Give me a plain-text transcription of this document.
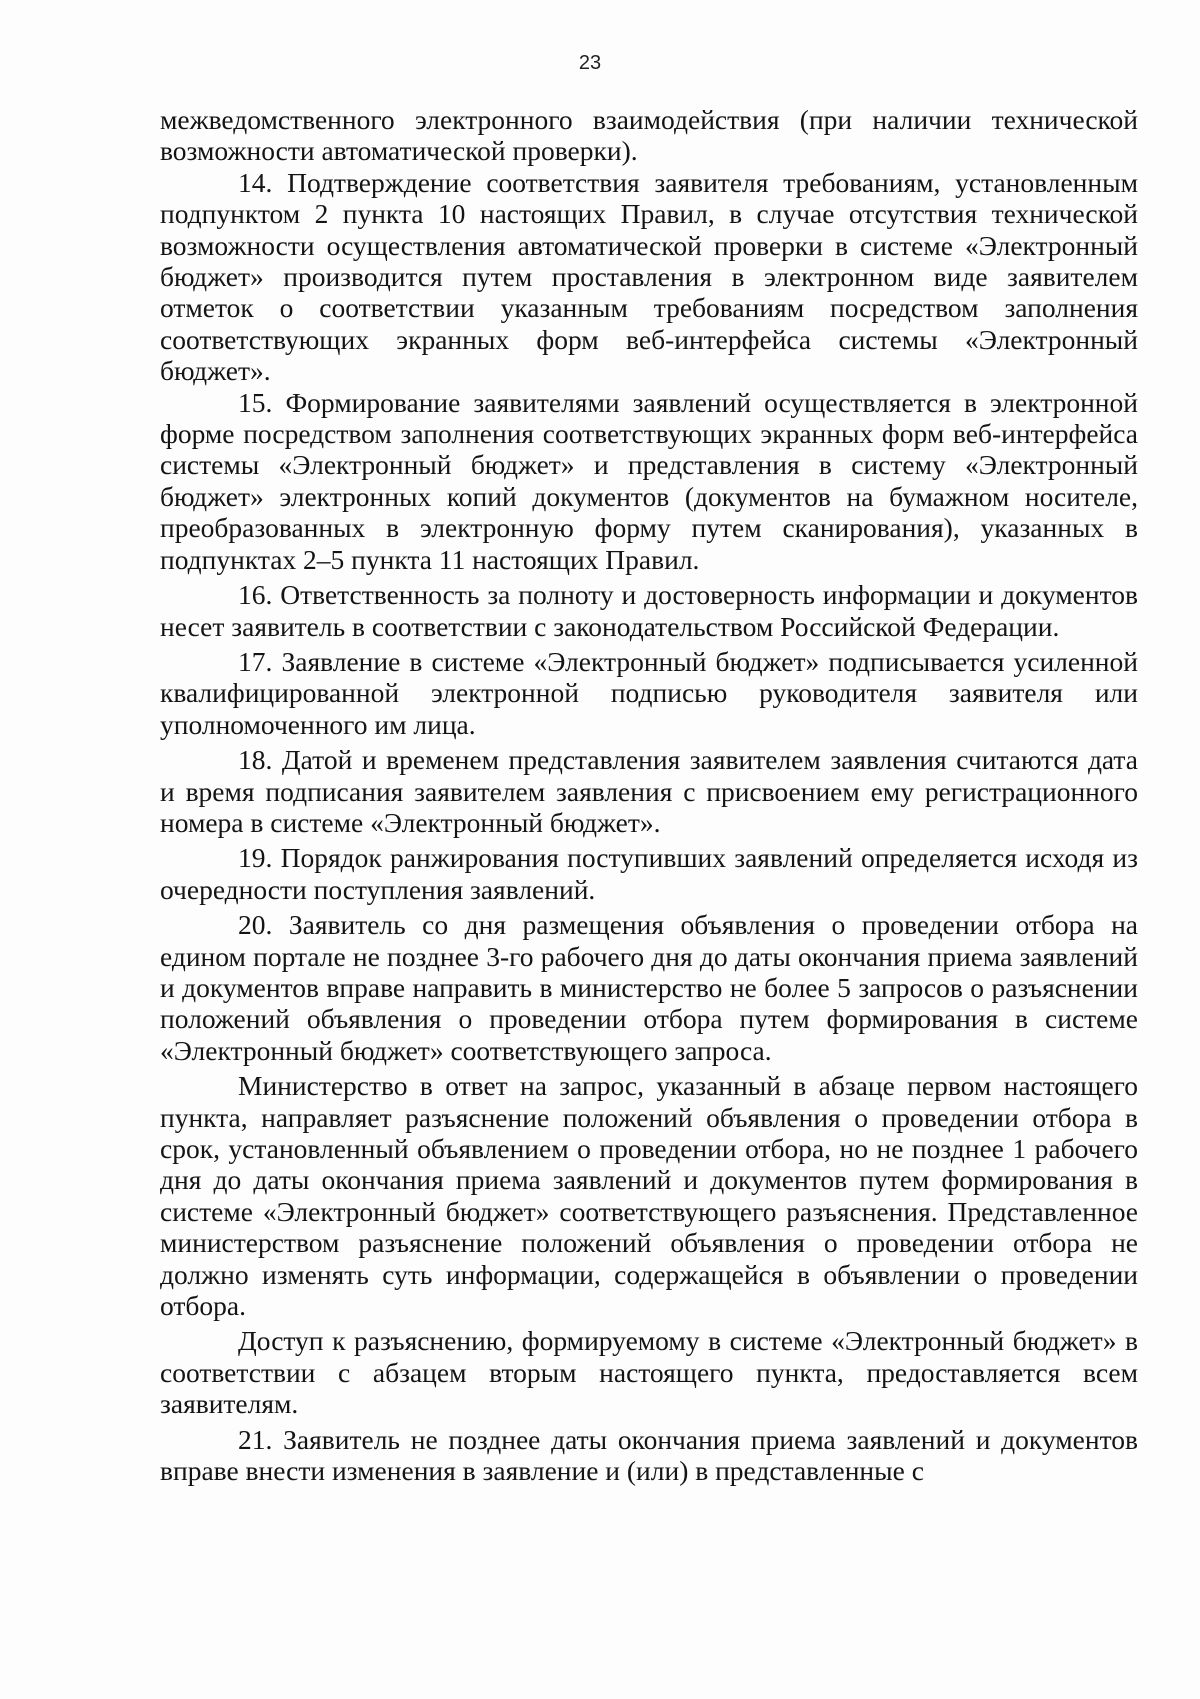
23

межведомственного электронного взаимодействия (при наличии технической возможности автоматической проверки).

14. Подтверждение соответствия заявителя требованиям, установленным подпунктом 2 пункта 10 настоящих Правил, в случае отсутствия технической возможности осуществления автоматической проверки в системе «Электронный бюджет» производится путем проставления в электронном виде заявителем отметок о соответствии указанным требованиям посредством заполнения соответствующих экранных форм веб-интерфейса системы «Электронный бюджет».

15. Формирование заявителями заявлений осуществляется в электронной форме посредством заполнения соответствующих экранных форм веб-интерфейса системы «Электронный бюджет» и представления в систему «Электронный бюджет» электронных копий документов (документов на бумажном носителе, преобразованных в электронную форму путем сканирования), указанных в подпунктах 2–5 пункта 11 настоящих Правил.

16. Ответственность за полноту и достоверность информации и документов несет заявитель в соответствии с законодательством Российской Федерации.

17. Заявление в системе «Электронный бюджет» подписывается усиленной квалифицированной электронной подписью руководителя заявителя или уполномоченного им лица.

18. Датой и временем представления заявителем заявления считаются дата и время подписания заявителем заявления с присвоением ему регистрационного номера в системе «Электронный бюджет».

19. Порядок ранжирования поступивших заявлений определяется исходя из очередности поступления заявлений.

20. Заявитель со дня размещения объявления о проведении отбора на едином портале не позднее 3-го рабочего дня до даты окончания приема заявлений и документов вправе направить в министерство не более 5 запросов о разъяснении положений объявления о проведении отбора путем формирования в системе «Электронный бюджет» соответствующего запроса.

Министерство в ответ на запрос, указанный в абзаце первом настоящего пункта, направляет разъяснение положений объявления о проведении отбора в срок, установленный объявлением о проведении отбора, но не позднее 1 рабочего дня до даты окончания приема заявлений и документов путем формирования в системе «Электронный бюджет» соответствующего разъяснения. Представленное министерством разъяснение положений объявления о проведении отбора не должно изменять суть информации, содержащейся в объявлении о проведении отбора.

Доступ к разъяснению, формируемому в системе «Электронный бюджет» в соответствии с абзацем вторым настоящего пункта, предоставляется всем заявителям.

21. Заявитель не позднее даты окончания приема заявлений и документов вправе внести изменения в заявление и (или) в представленные с
